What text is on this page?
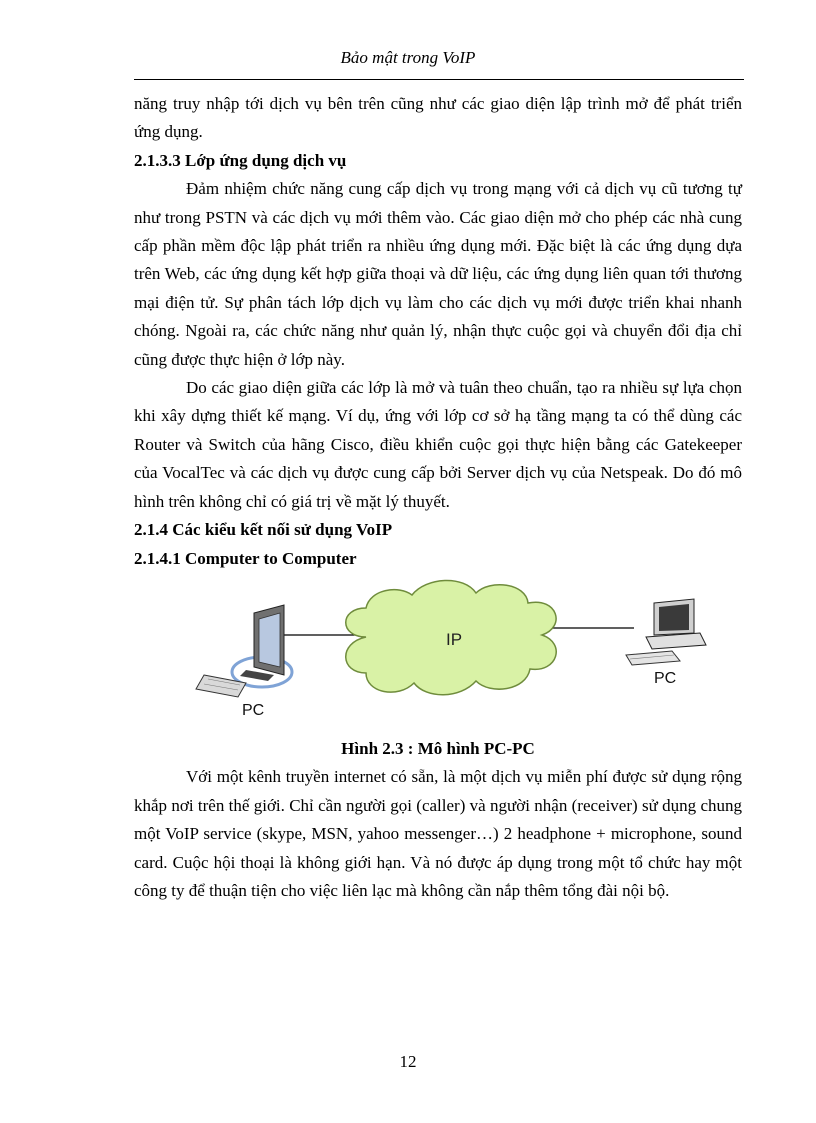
Bảo mật trong VoIP

năng truy nhập tới dịch vụ bên trên cũng như các giao diện lập trình mở để phát triển ứng dụng.

2.1.3.3 Lớp ứng dụng dịch vụ

Đảm nhiệm chức năng cung cấp dịch vụ trong mạng với cả dịch vụ cũ tương tự như trong PSTN và các dịch vụ mới thêm vào. Các giao diện mở cho phép các nhà cung cấp phần mềm độc lập phát triển ra nhiều ứng dụng mới. Đặc biệt là các ứng dụng dựa trên Web, các ứng dụng kết hợp giữa thoại và dữ liệu, các ứng dụng liên quan tới thương mại điện tử. Sự phân tách lớp dịch vụ làm cho các dịch vụ mới được triển khai nhanh chóng. Ngoài ra, các chức năng như quản lý, nhận thực cuộc gọi và chuyển đổi địa chỉ cũng được thực hiện ở lớp này.

Do các giao diện giữa các lớp là mở và tuân theo chuẩn, tạo ra nhiều sự lựa chọn khi xây dựng thiết kế mạng. Ví dụ, ứng với lớp cơ sở hạ tầng mạng ta có thể dùng các Router và Switch của hãng Cisco, điều khiển cuộc gọi thực hiện bằng các Gatekeeper của VocalTec và các dịch vụ được cung cấp bởi Server dịch vụ của Netspeak. Do đó mô hình trên không chỉ có giá trị về mặt lý thuyết.

2.1.4 Các kiểu kết nối sử dụng VoIP

2.1.4.1 Computer to Computer

IP
PC
PC

Hình 2.3 : Mô hình PC-PC

Với một kênh truyền internet có sẵn, là một dịch vụ miễn phí được sử dụng rộng khắp nơi trên thế giới. Chỉ cần người gọi (caller) và người nhận (receiver) sử dụng chung một VoIP service (skype, MSN, yahoo messenger…) 2 headphone + microphone, sound card. Cuộc hội thoại là không giới hạn. Và nó được áp dụng trong một tổ chức hay một công ty để thuận tiện cho việc liên lạc mà không cần nắp thêm tổng đài nội bộ.

12
